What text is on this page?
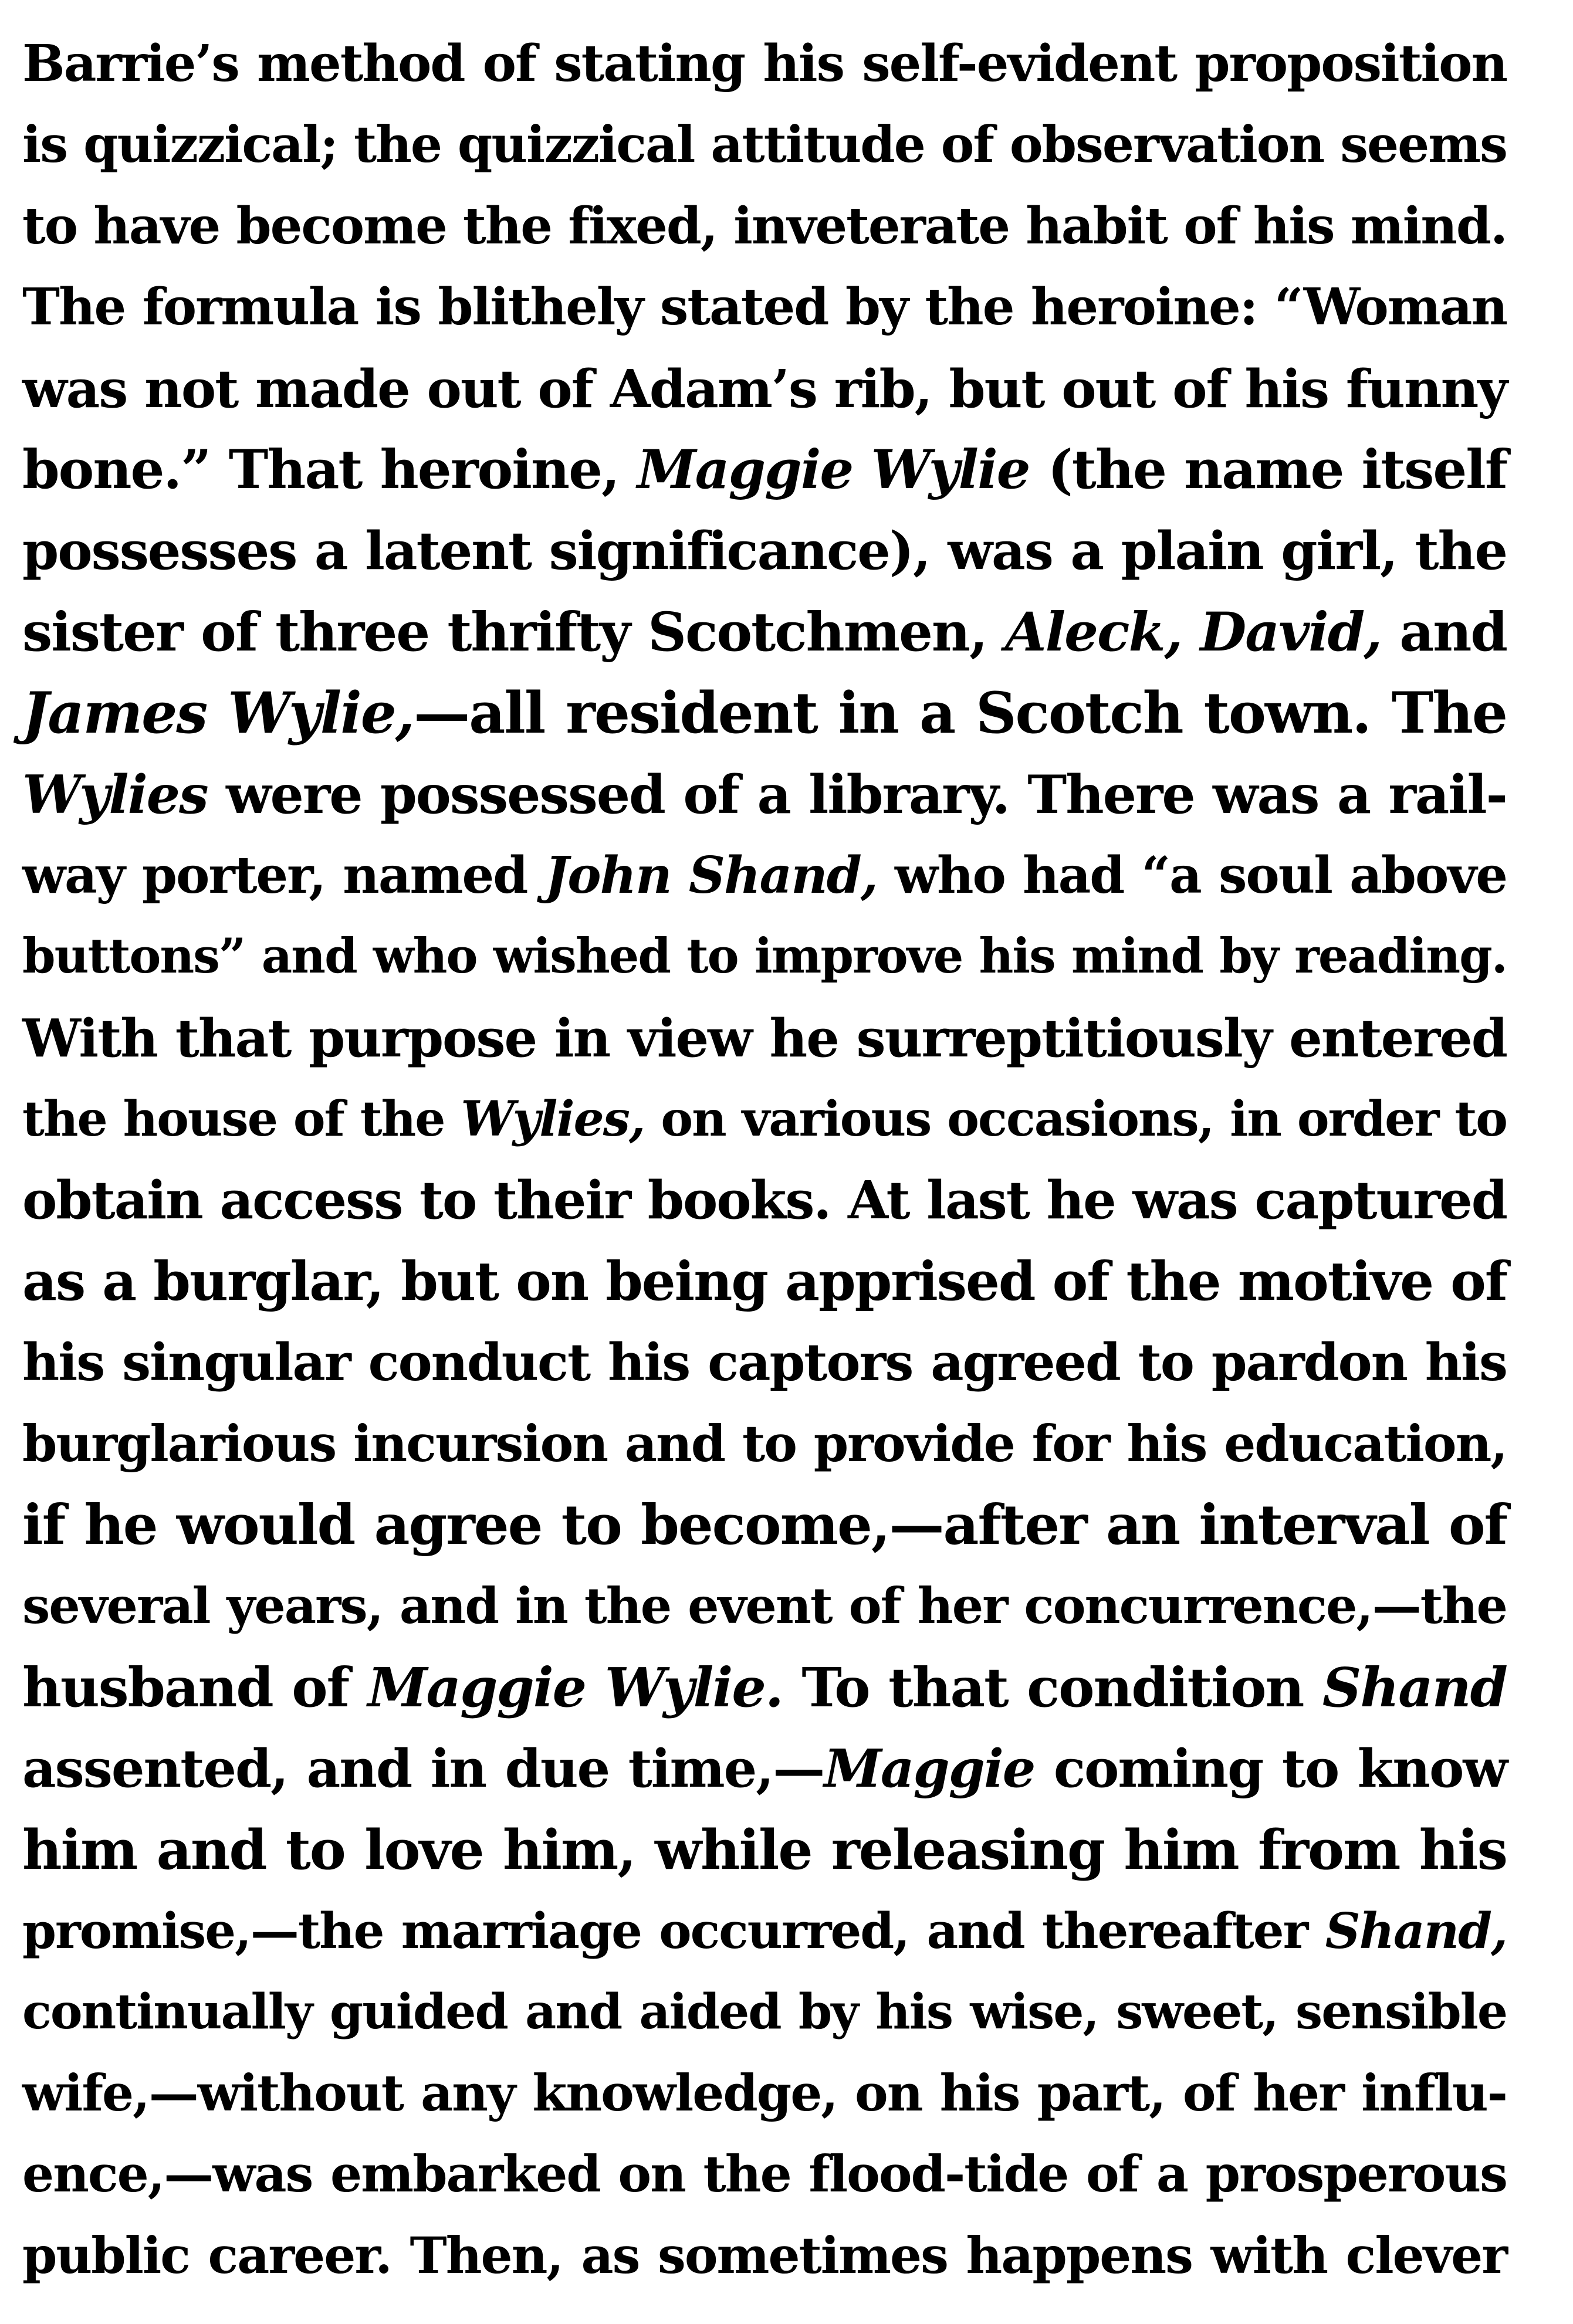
Barrie’s method of stating his self-evident proposition
is quizzical; the quizzical attitude of observation seems
to have become the fixed, inveterate habit of his mind.
The formula is blithely stated by the heroine: “Woman
was not made out of Adam’s rib, but out of his funny
bone.” That heroine, Maggie Wylie (the name itself
possesses a latent significance), was a plain girl, the
sister of three thrifty Scotchmen, Aleck, David, and
James Wylie,—all resident in a Scotch town. The
Wylies were possessed of a library. There was a rail-
way porter, named John Shand, who had “a soul above
buttons” and who wished to improve his mind by reading.
With that purpose in view he surreptitiously entered
the house of the Wylies, on various occasions, in order to
obtain access to their books. At last he was captured
as a burglar, but on being apprised of the motive of
his singular conduct his captors agreed to pardon his
burglarious incursion and to provide for his education,
if he would agree to become,—after an interval of
several years, and in the event of her concurrence,—the
husband of Maggie Wylie. To that condition Shand
assented, and in due time,—Maggie coming to know
him and to love him, while releasing him from his
promise,—the marriage occurred, and thereafter Shand,
continually guided and aided by his wise, sweet, sensible
wife,—without any knowledge, on his part, of her influ-
ence,—was embarked on the flood-tide of a prosperous
public career. Then, as sometimes happens with clever
